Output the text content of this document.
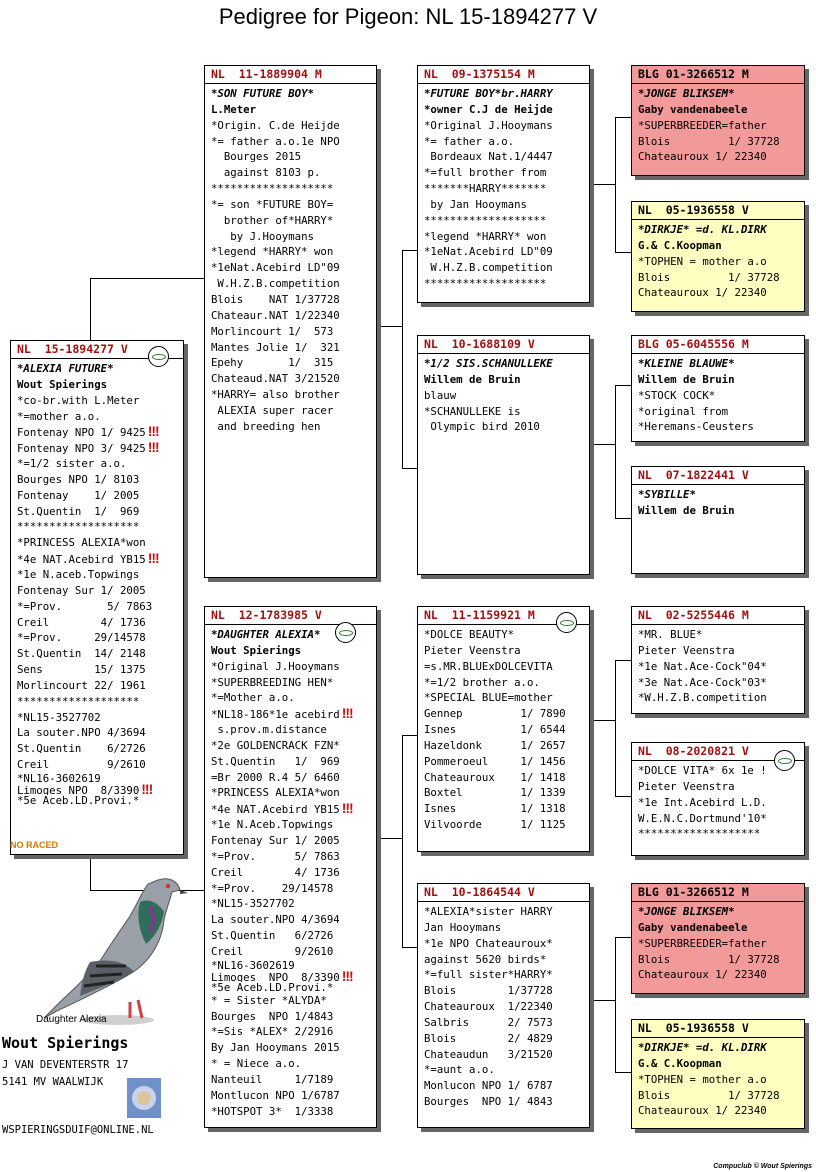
Pedigree for Pigeon: NL 15-1894277 V
NL  15-1894277 V
*ALEXIA FUTURE*
Wout Spierings
*co-br.with L.Meter
*=mother a.o.
Fontenay NPO 1/ 9425 !!!
Fontenay NPO 3/ 9425 !!!
*=1/2 sister a.o.
Bourges NPO 1/ 8103
Fontenay    1/ 2005
St.Quentin  1/  969
*******************
*PRINCESS ALEXIA*won
*4e NAT.Acebird YB15 !!!
*1e N.aceb.Topwings
Fontenay Sur 1/ 2005
*=Prov.       5/ 7863
Creil        4/ 1736
*=Prov.     29/14578
St.Quentin  14/ 2148
Sens        15/ 1375
Morlincourt 22/ 1961
*******************
*NL15-3527702
La souter.NPO 4/3694
St.Quentin    6/2726
Creil         9/2610
*NL16-3602619
Limoges NPO  8/3390 !!!
*5e Aceb.LD.Provi.*
NL  11-1889904 M
*SON FUTURE BOY*
L.Meter
*Origin. C.de Heijde
*= father a.o.1e NPO
Bourges 2015
against 8103 p.
*******************
*= son *FUTURE BOY=
brother of*HARRY*
by J.Hooymans
*legend *HARRY* won
*1eNat.Acebird LD"09
W.H.Z.B.competition
Blois    NAT 1/37728
Chateaur.NAT 1/22340
Morlincourt 1/  573
Mantes Jolie 1/  321
Epehy       1/  315
Chateaud.NAT 3/21520
*HARRY= also brother
ALEXIA super racer
and breeding hen
NL  12-1783985 V
*DAUGHTER ALEXIA*
Wout Spierings
*Original J.Hooymans
*SUPERBREEDING HEN*
*=Mother a.o.
*NL18-186*1e acebird !!!
s.prov.m.distance
*2e GOLDENCRACK FZN*
St.Quentin   1/  969
=Br 2000 R.4 5/ 6460
*PRINCESS ALEXIA*won
*4e NAT.Acebird YB15 !!!
*1e N.Aceb.Topwings
Fontenay Sur 1/ 2005
*=Prov.      5/ 7863
Creil        4/ 1736
*=Prov.    29/14578
*NL15-3527702
La souter.NPO 4/3694
St.Quentin   6/2726
Creil        9/2610
*NL16-3602619
Limoges  NPO  8/3390 !!!
*5e Aceb.LD.Provi.*
* = Sister *ALYDA*
Bourges  NPO 1/4843
*=Sis *ALEX* 2/2916
By Jan Hooymans 2015
* = Niece a.o.
Nanteuil     1/7189
Montlucon NPO 1/6787
*HOTSPOT 3*  1/3338
NL  09-1375154 M
*FUTURE BOY*br.HARRY
*owner C.J de Heijde
*Original J.Hooymans
*= father a.o.
Bordeaux Nat.1/4447
*=full brother from
*******HARRY*******
by Jan Hooymans
*******************
*legend *HARRY* won
*1eNat.Acebird LD"09
W.H.Z.B.competition
*******************
NL  10-1688109 V
*1/2 SIS.SCHANULLEKE
Willem de Bruin
blauw
*SCHANULLEKE is
Olympic bird 2010
NL  11-1159921 M
*DOLCE BEAUTY*
Pieter Veenstra
=s.MR.BLUExDOLCEVITA
*=1/2 brother a.o.
*SPECIAL BLUE=mother
Gennep         1/ 7890
Isnes          1/ 6544
Hazeldonk      1/ 2657
Pommeroeul     1/ 1456
Chateauroux    1/ 1418
Boxtel         1/ 1339
Isnes          1/ 1318
Vilvoorde      1/ 1125
NL  10-1864544 V
*ALEXIA*sister HARRY
Jan Hooymans
*1e NPO Chateauroux*
against 5620 birds*
*=full sister*HARRY*
Blois        1/37728
Chateauroux  1/22340
Salbris      2/ 7573
Blois        2/ 4829
Chateaudun   3/21520
*=aunt a.o.
Monlucon NPO 1/ 6787
Bourges  NPO 1/ 4843
BLG 01-3266512 M
*JONGE BLIKSEM*
Gaby vandenabeele
*SUPERBREEDER=father
Blois         1/ 37728
Chateauroux 1/ 22340
NL  05-1936558 V
*DIRKJE* =d. KL.DIRK
G.& C.Koopman
*TOPHEN = mother a.o
Blois         1/ 37728
Chateauroux 1/ 22340
BLG 05-6045556 M
*KLEINE BLAUWE*
Willem de Bruin
*STOCK COCK*
*original from
*Heremans-Ceusters
NL  07-1822441 V
*SYBILLE*
Willem de Bruin
NL  02-5255446 M
*MR. BLUE*
Pieter Veenstra
*1e Nat.Ace-Cock"04*
*3e Nat.Ace-Cock"03*
*W.H.Z.B.competition
NL  08-2020821 V
*DOLCE VITA* 6x 1e !
Pieter Veenstra
*1e Int.Acebird L.D.
W.E.N.C.Dortmund'10*
*******************
BLG 01-3266512 M
*JONGE BLIKSEM*
Gaby vandenabeele
*SUPERBREEDER=father
Blois         1/ 37728
Chateauroux 1/ 22340
NL  05-1936558 V
*DIRKJE* =d. KL.DIRK
G.& C.Koopman
*TOPHEN = mother a.o
Blois         1/ 37728
Chateauroux 1/ 22340
NO RACED
Daughter Alexia
Wout Spierings
J VAN DEVENTERSTR 17
5141 MV WAALWIJK
WSPIERINGSDUIF@ONLINE.NL
Compuclub © Wout Spierings
